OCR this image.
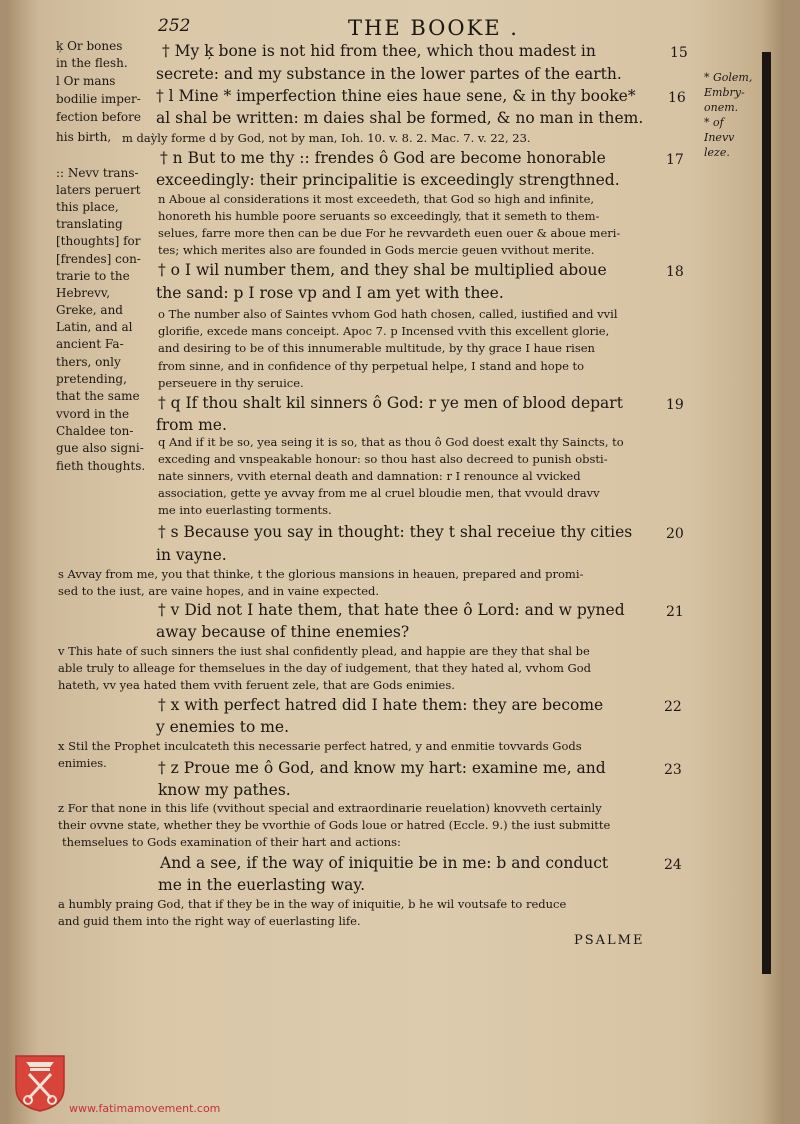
252	THE BOOKE .
ķ Or bones
in the flesh.
l Or mans
bodilie imper-
fection before
his birth,
:: Nevv trans-
laters peruert
this place,
translating
[thoughts] for
[frendes] con-
trarie to the
Hebrevv,
Greke, and
Latin, and al
ancient Fa-
thers, only
pretending,
that the same
vvord in the
Chaldee ton-
gue also signi-
fieth thoughts.
* Golem,
Embry-
onem.
* of
Inevv
leze.
† My ķ bone is not hid from thee, which thou madest in
secrete: and my substance in the lower partes of the earth.
† l Mine * imperfection thine eies haue sene, & in thy booke*
al shal be written: m daies shal be formed, & no man in them.
m daỳly forme d by God, not by man, Ioh. 10. v. 8. 2. Mac. 7. v. 22, 23.
† n But to me thy :: frendes ô God are become honorable
exceedingly: their principalitie is exceedingly strengthned.
n Aboue al considerations it most exceedeth, that God so high and infinite,
honoreth his humble poore seruants so exceedingly, that it semeth to them-
selues, farre more then can be due For he revvardeth euen ouer & aboue meri-
tes; which merites also are founded in Gods mercie geuen vvithout merite.
† o I wil number them, and they shal be multiplied aboue
the sand: p I rose vp and I am yet with thee.
o The number also of Saintes vvhom God hath chosen, called, iustified and vvil
glorifie, excede mans conceipt. Apoc 7. p Incensed vvith this excellent glorie,
and desiring to be of this innumerable multitude, by thy grace I haue risen
from sinne, and in confidence of thy perpetual helpe, I stand and hope to
perseuere in thy seruice.
† q If thou shalt kil sinners ô God: r ye men of blood depart
from me.
q And if it be so, yea seing it is so, that as thou ô God doest exalt thy Saincts, to
exceding and vnspeakable honour: so thou hast also decreed to punish obsti-
nate sinners, vvith eternal death and damnation: r I renounce al vvicked
association, gette ye avvay from me al cruel bloudie men, that vvould dravv
me into euerlasting torments.
† s Because you say in thought: they t shal receiue thy cities
in vayne.
s Avvay from me, you that thinke, t the glorious mansions in heauen, prepared and promi-
sed to the iust, are vaine hopes, and in vaine expected.
† v Did not I hate them, that hate thee ô Lord: and w pyned
away because of thine enemies?
v This hate of such sinners the iust shal confidently plead, and happie are they that shal be
able truly to alleage for themselues in the day of iudgement, that they hated al, vvhom God
hateth, vv yea hated them vvith feruent zele, that are Gods enimies.
† x with perfect hatred did I hate them: they are become
y enemies to me.
x Stil the Prophet inculcateth this necessarie perfect hatred, y and enmitie tovvards Gods
enimies.	† z Proue me ô God, and know my hart: examine me, and
know my pathes.
z For that none in this life (vvithout special and extraordinarie reuelation) knovveth certainly
their ovvne state, whether they be vvorthie of Gods loue or hatred (Eccle. 9.) the iust submitte
themselues to Gods examination of their hart and actions:
And a see, if the way of iniquitie be in me: b and conduct
me in the euerlasting way.
a humbly praing God, that if they be in the way of iniquitie, b he wil voutsafe to reduce
and guid them into the right way of euerlasting life.
15
16
17
18
19
20
21
22
23
24
PSALME
www.fatimamovement.com
